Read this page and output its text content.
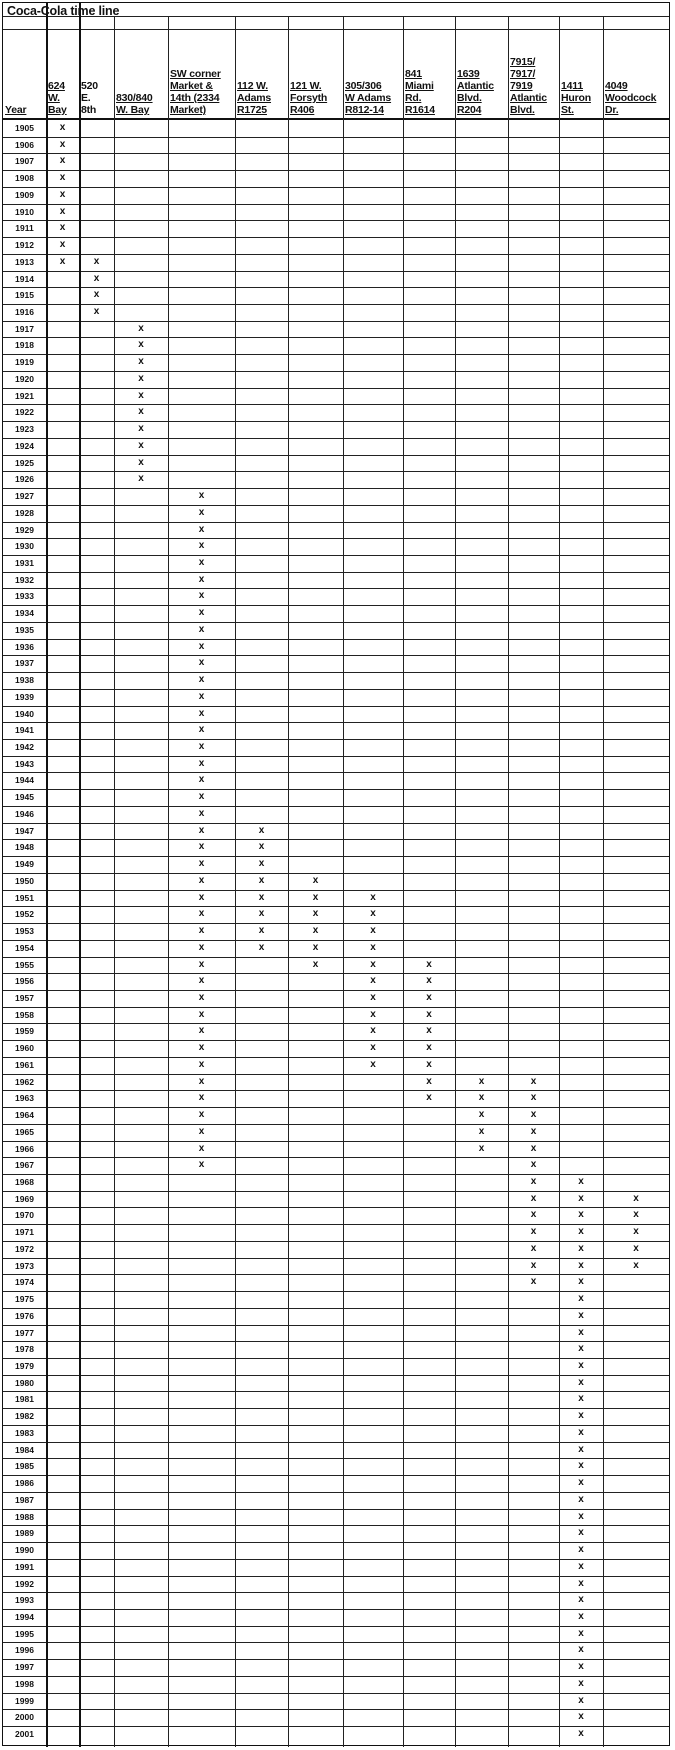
Coca-Cola time line
Year
624
W.
Bay
520
E.
8th
830/840
W. Bay
SW corner
Market &
14th (2334
Market)
112 W.
Adams
R1725
121 W.
Forsyth
R406
305/306
W Adams
R812-14
841
Miami
Rd.
R1614
1639
Atlantic
Blvd.
R204
7915/
7917/
7919
Atlantic
Blvd.
1411
Huron
St.
4049
Woodcock
Dr.
1905
1906
1907
1908
1909
1910
1911
1912
1913
1914
1915
1916
1917
1918
1919
1920
1921
1922
1923
1924
1925
1926
1927
1928
1929
1930
1931
1932
1933
1934
1935
1936
1937
1938
1939
1940
1941
1942
1943
1944
1945
1946
1947
1948
1949
1950
1951
1952
1953
1954
1955
1956
1957
1958
1959
1960
1961
1962
1963
1964
1965
1966
1967
1968
1969
1970
1971
1972
1973
1974
1975
1976
1977
1978
1979
1980
1981
1982
1983
1984
1985
1986
1987
1988
1989
1990
1991
1992
1993
1994
1995
1996
1997
1998
1999
2000
2001
x
x
x
x
x
x
x
x
x	x
x
x
x
x
x
x
x
x
x
x
x
x
x
x
x
x
x
x
x
x
x
x
x
x
x
x
x
x
x
x
x
x
x
x
x
x
x
x
x
x
x
x
x
x
x
x
x
x
x
x
x
x
x
x
x
x
x
x
x
x
x
x
x
x
x
x
x
x
x
x
x
x
x
x
x
x
x
x
x
x
x
x
x
x
x
x
x
x
x
x
x
x
x
x
x
x
x
x
x
x
x
x
x
x
x
x
x
x
x
x
x
x
x
x
x
x
x
x
x
x
x
x
x
x
x
x
x
x
x
x
x
x
x
x
x
x
x
x
x
x
x
x
x
x
x
